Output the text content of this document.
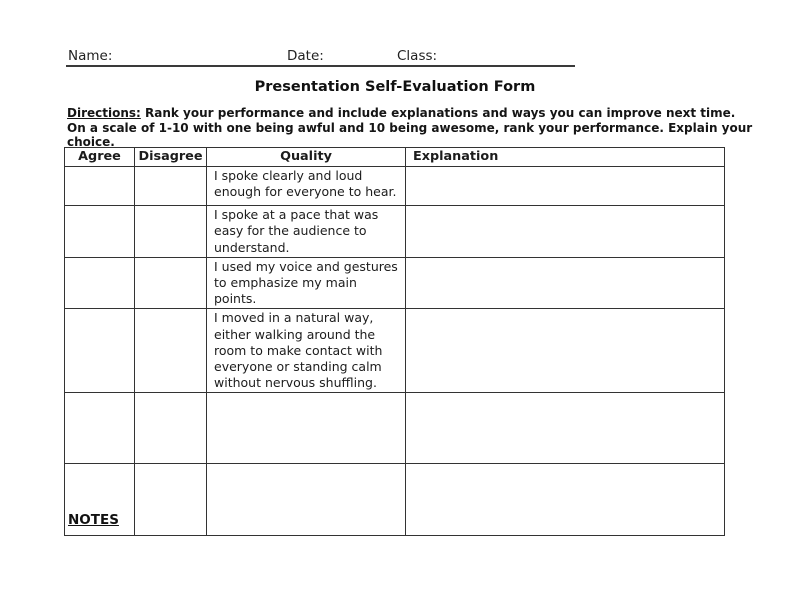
Name:	Date:	Class:
Presentation Self-Evaluation Form
Directions: Rank your performance and include explanations and ways you can improve next time.
On a scale of 1-10 with one being awful and 10 being awesome, rank your performance. Explain your choice.
Agree	Disagree	Quality	Explanation
		I spoke clearly and loud enough for everyone to hear.	
		I spoke at a pace that was easy for the audience to understand.	
		I used my voice and gestures to emphasize my main points.	
		I moved in a natural way, either walking around the room to make contact with everyone or standing calm without nervous shuffling.	

NOTES
